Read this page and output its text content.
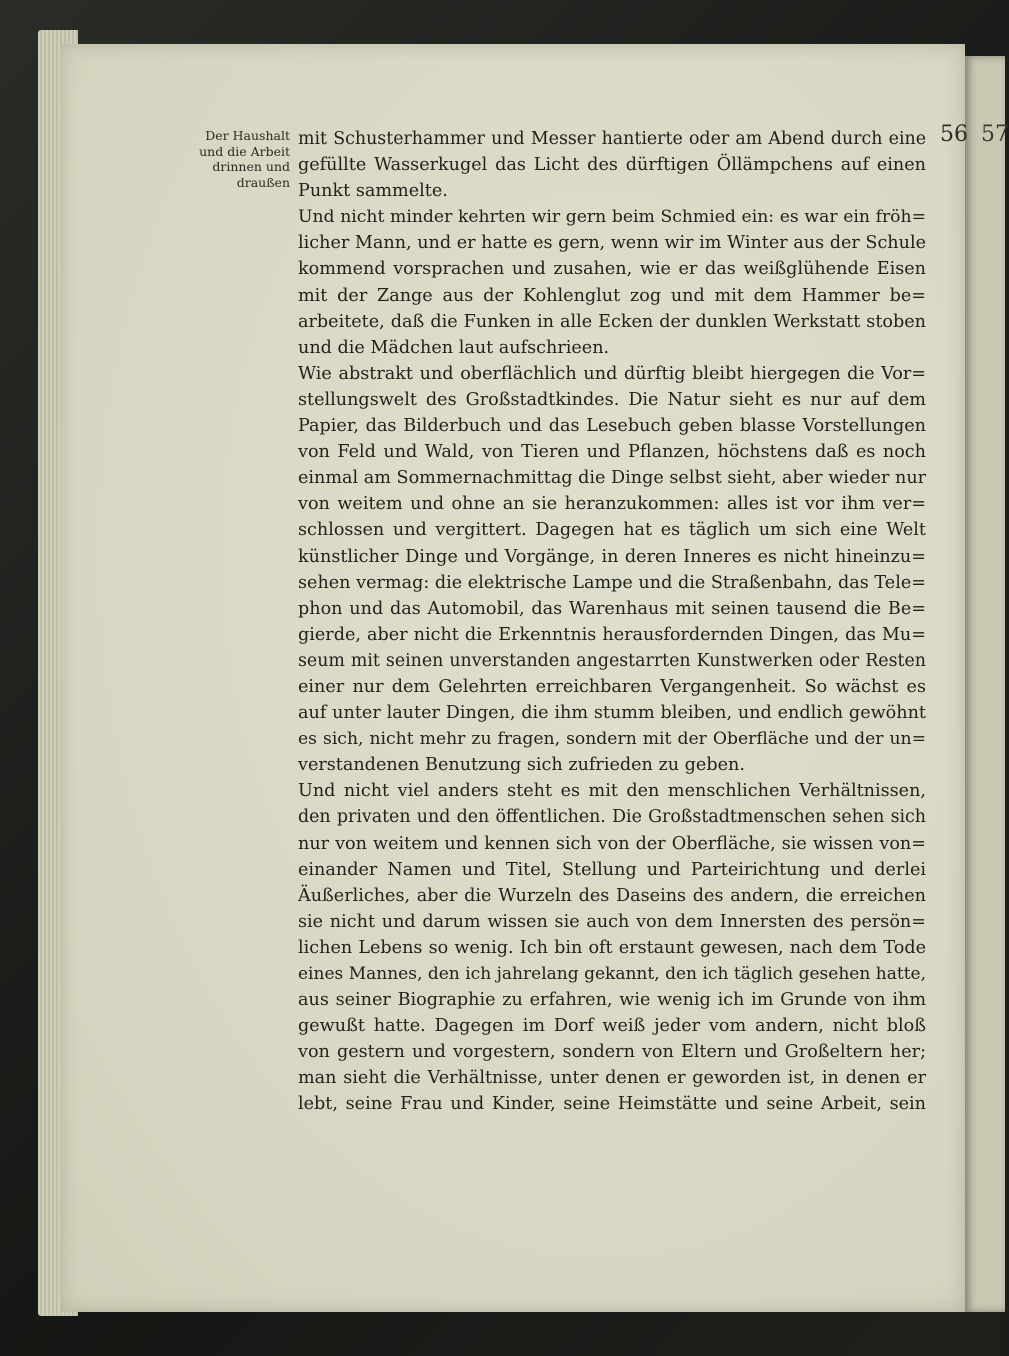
57
56
Der Haushalt
und die Arbeit
drinnen und
draußen
mit Schusterhammer und Messer hantierte oder am Abend durch eine
gefüllte Wasserkugel das Licht des dürftigen Öllämpchens auf einen
Punkt sammelte.
Und nicht minder kehrten wir gern beim Schmied ein: es war ein fröh=
licher Mann, und er hatte es gern, wenn wir im Winter aus der Schule
kommend vorsprachen und zusahen, wie er das weißglühende Eisen
mit der Zange aus der Kohlenglut zog und mit dem Hammer be=
arbeitete, daß die Funken in alle Ecken der dunklen Werkstatt stoben
und die Mädchen laut aufschrieen.
Wie abstrakt und oberflächlich und dürftig bleibt hiergegen die Vor=
stellungswelt des Großstadtkindes. Die Natur sieht es nur auf dem
Papier, das Bilderbuch und das Lesebuch geben blasse Vorstellungen
von Feld und Wald, von Tieren und Pflanzen, höchstens daß es noch
einmal am Sommernachmittag die Dinge selbst sieht, aber wieder nur
von weitem und ohne an sie heranzukommen: alles ist vor ihm ver=
schlossen und vergittert. Dagegen hat es täglich um sich eine Welt
künstlicher Dinge und Vorgänge, in deren Inneres es nicht hineinzu=
sehen vermag: die elektrische Lampe und die Straßenbahn, das Tele=
phon und das Automobil, das Warenhaus mit seinen tausend die Be=
gierde, aber nicht die Erkenntnis herausfordernden Dingen, das Mu=
seum mit seinen unverstanden angestarrten Kunstwerken oder Resten
einer nur dem Gelehrten erreichbaren Vergangenheit. So wächst es
auf unter lauter Dingen, die ihm stumm bleiben, und endlich gewöhnt
es sich, nicht mehr zu fragen, sondern mit der Oberfläche und der un=
verstandenen Benutzung sich zufrieden zu geben.
Und nicht viel anders steht es mit den menschlichen Verhältnissen,
den privaten und den öffentlichen. Die Großstadtmenschen sehen sich
nur von weitem und kennen sich von der Oberfläche, sie wissen von=
einander Namen und Titel, Stellung und Parteirichtung und derlei
Äußerliches, aber die Wurzeln des Daseins des andern, die erreichen
sie nicht und darum wissen sie auch von dem Innersten des persön=
lichen Lebens so wenig. Ich bin oft erstaunt gewesen, nach dem Tode
eines Mannes, den ich jahrelang gekannt, den ich täglich gesehen hatte,
aus seiner Biographie zu erfahren, wie wenig ich im Grunde von ihm
gewußt hatte. Dagegen im Dorf weiß jeder vom andern, nicht bloß
von gestern und vorgestern, sondern von Eltern und Großeltern her;
man sieht die Verhältnisse, unter denen er geworden ist, in denen er
lebt, seine Frau und Kinder, seine Heimstätte und seine Arbeit, sein
